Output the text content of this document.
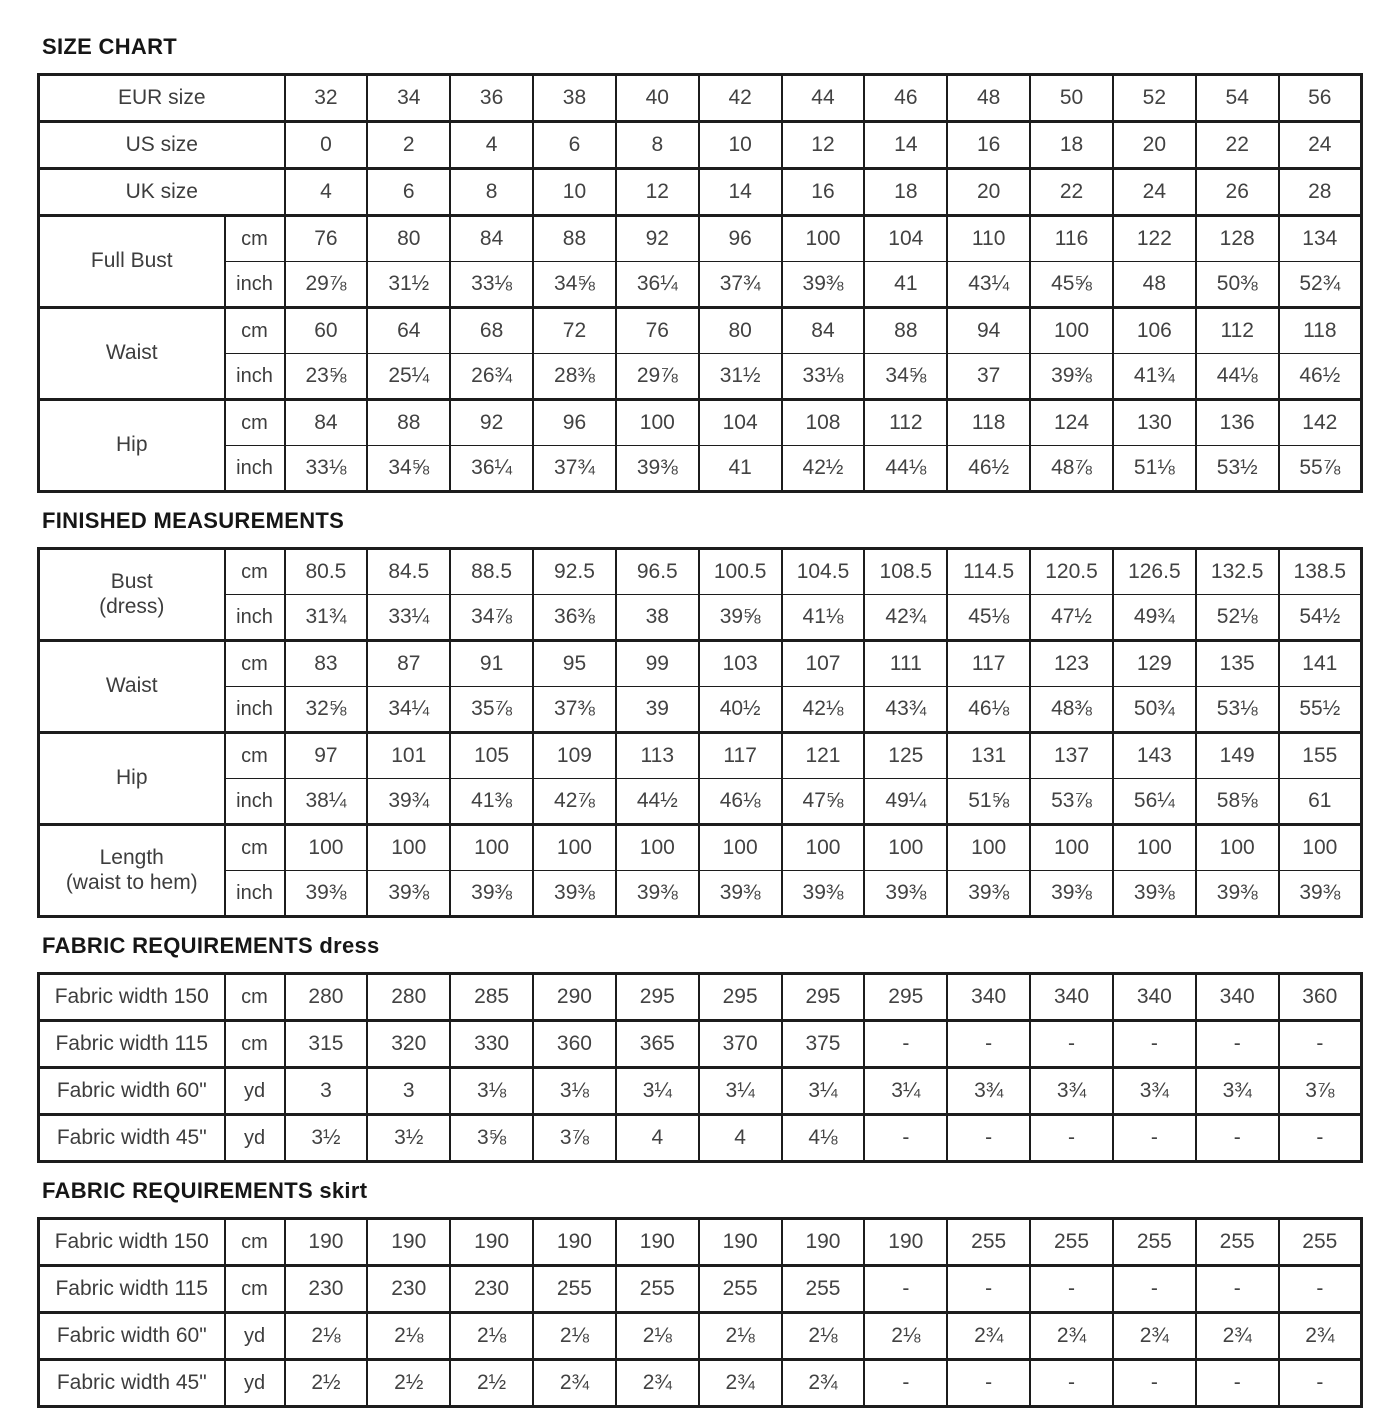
SIZE CHART
EUR size		32	34	36	38	40	42	44	46	48	50	52	54	56

US size		0	2	4	6	8	10	12	14	16	18	20	22	24

UK size		4	6	8	10	12	14	16	18	20	22	24	26	28

Full Bust	cm	76	80	84	88	92	96	100	104	110	116	122	128	134
	inch	29⅞	31½	33⅛	34⅝	36¼	37¾	39⅜	41	43¼	45⅝	48	50⅜	52¾

Waist	cm	60	64	68	72	76	80	84	88	94	100	106	112	118
	inch	23⅝	25¼	26¾	28⅜	29⅞	31½	33⅛	34⅝	37	39⅜	41¾	44⅛	46½

Hip	cm	84	88	92	96	100	104	108	112	118	124	130	136	142
	inch	33⅛	34⅝	36¼	37¾	39⅜	41	42½	44⅛	46½	48⅞	51⅛	53½	55⅞
FINISHED MEASUREMENTS
Bust
(dress)	cm	80.5	84.5	88.5	92.5	96.5	100.5	104.5	108.5	114.5	120.5	126.5	132.5	138.5
	inch	31¾	33¼	34⅞	36⅜	38	39⅝	41⅛	42¾	45⅛	47½	49¾	52⅛	54½

Waist	cm	83	87	91	95	99	103	107	111	117	123	129	135	141
	inch	32⅝	34¼	35⅞	37⅜	39	40½	42⅛	43¾	46⅛	48⅜	50¾	53⅛	55½

Hip	cm	97	101	105	109	113	117	121	125	131	137	143	149	155
	inch	38¼	39¾	41⅜	42⅞	44½	46⅛	47⅝	49¼	51⅝	53⅞	56¼	58⅝	61

Length
(waist to hem)	cm	100	100	100	100	100	100	100	100	100	100	100	100	100
	inch	39⅜	39⅜	39⅜	39⅜	39⅜	39⅜	39⅜	39⅜	39⅜	39⅜	39⅜	39⅜	39⅜
FABRIC REQUIREMENTS dress
Fabric width 150	cm	280	280	285	290	295	295	295	295	340	340	340	340	360

Fabric width 115	cm	315	320	330	360	365	370	375	-	-	-	-	-	-

Fabric width 60"	yd	3	3	3⅛	3⅛	3¼	3¼	3¼	3¼	3¾	3¾	3¾	3¾	3⅞

Fabric width 45"	yd	3½	3½	3⅝	3⅞	4	4	4⅛	-	-	-	-	-	-
FABRIC REQUIREMENTS skirt
Fabric width 150	cm	190	190	190	190	190	190	190	190	255	255	255	255	255

Fabric width 115	cm	230	230	230	255	255	255	255	-	-	-	-	-	-

Fabric width 60"	yd	2⅛	2⅛	2⅛	2⅛	2⅛	2⅛	2⅛	2⅛	2¾	2¾	2¾	2¾	2¾

Fabric width 45"	yd	2½	2½	2½	2¾	2¾	2¾	2¾	-	-	-	-	-	-
